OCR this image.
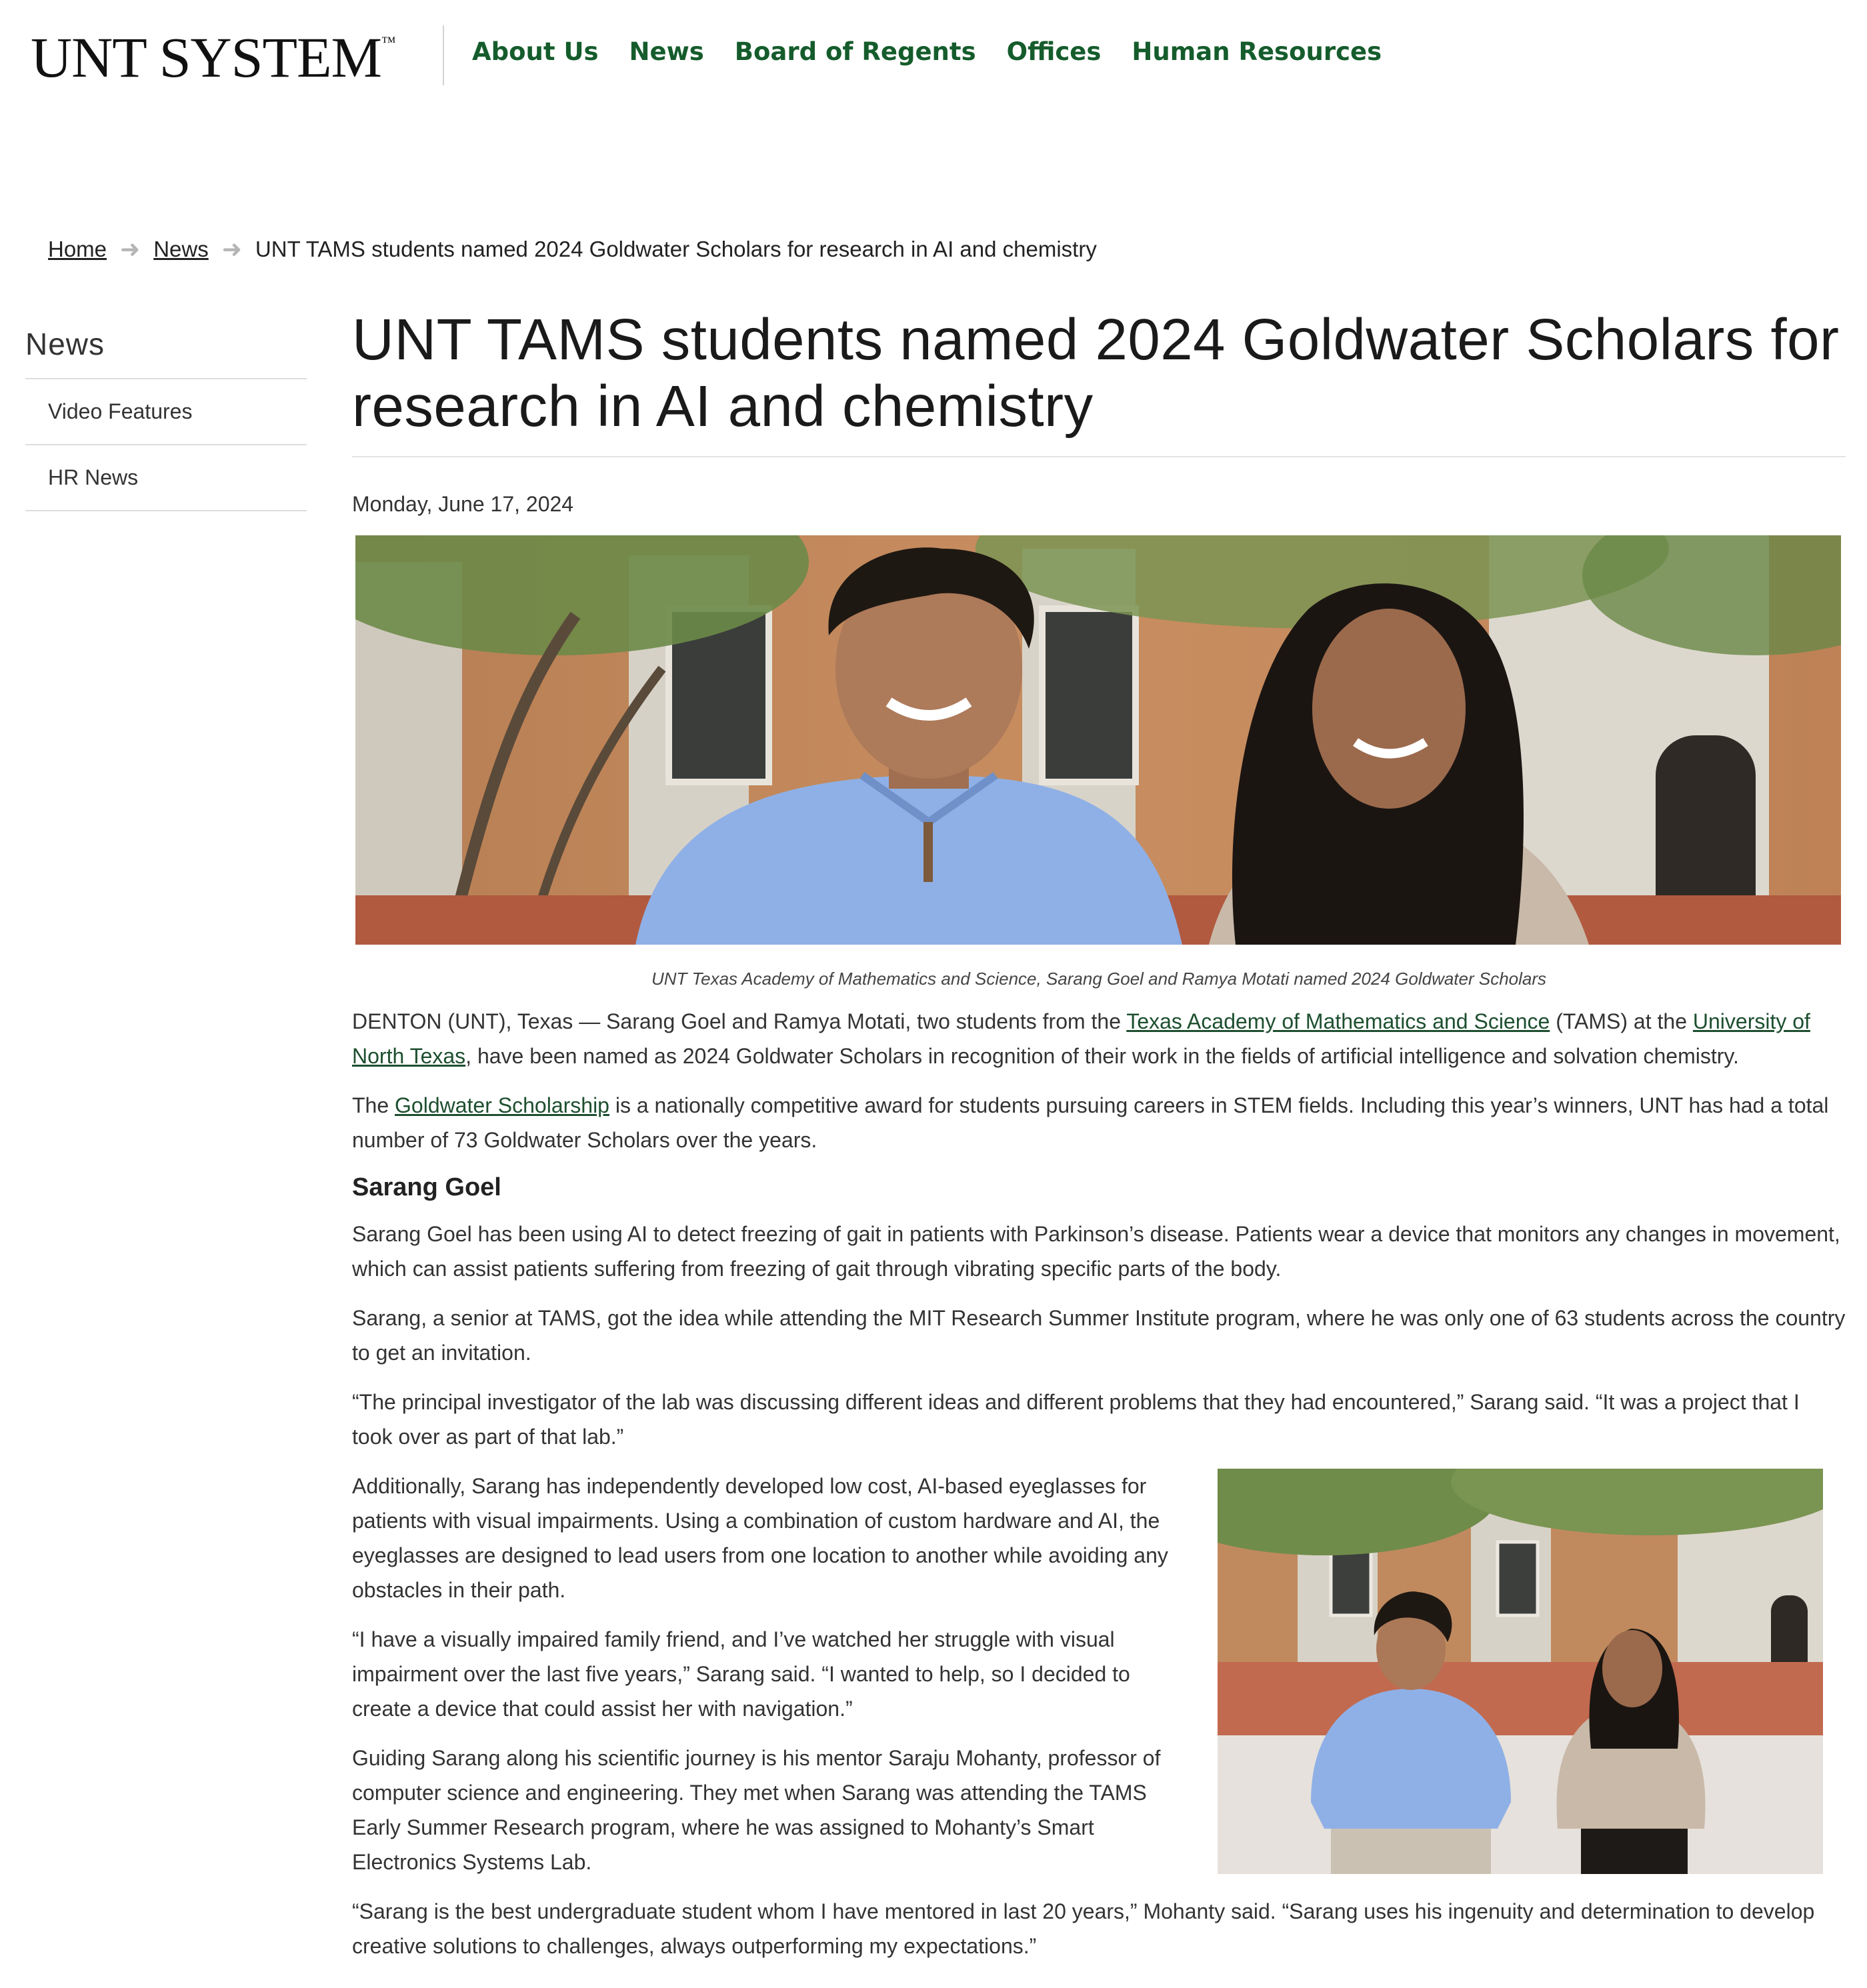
UNT SYSTEM™	About Us News Board of Regents Offices Human Resources
Home ➜ News ➜ UNT TAMS students named 2024 Goldwater Scholars for research in AI and chemistry
News
Video Features
HR News
UNT TAMS students named 2024 Goldwater Scholars for research in AI and chemistry
Monday, June 17, 2024
UNT Texas Academy of Mathematics and Science, Sarang Goel and Ramya Motati named 2024 Goldwater Scholars

DENTON (UNT), Texas — Sarang Goel and Ramya Motati, two students from the Texas Academy of Mathematics and Science (TAMS) at the University of North Texas, have been named as 2024 Goldwater Scholars in recognition of their work in the fields of artificial intelligence and solvation chemistry.

The Goldwater Scholarship is a nationally competitive award for students pursuing careers in STEM fields. Including this year’s winners, UNT has had a total number of 73 Goldwater Scholars over the years.

Sarang Goel

Sarang Goel has been using AI to detect freezing of gait in patients with Parkinson’s disease. Patients wear a device that monitors any changes in movement, which can assist patients suffering from freezing of gait through vibrating specific parts of the body.

Sarang, a senior at TAMS, got the idea while attending the MIT Research Summer Institute program, where he was only one of 63 students across the country to get an invitation.

“The principal investigator of the lab was discussing different ideas and different problems that they had encountered,” Sarang said. “It was a project that I took over as part of that lab.”

Additionally, Sarang has independently developed low cost, AI-based eyeglasses for patients with visual impairments. Using a combination of custom hardware and AI, the eyeglasses are designed to lead users from one location to another while avoiding any obstacles in their path.

“I have a visually impaired family friend, and I’ve watched her struggle with visual impairment over the last five years,” Sarang said. “I wanted to help, so I decided to create a device that could assist her with navigation.”

Guiding Sarang along his scientific journey is his mentor Saraju Mohanty, professor of computer science and engineering. They met when Sarang was attending the TAMS Early Summer Research program, where he was assigned to Mohanty’s Smart Electronics Systems Lab.

“Sarang is the best undergraduate student whom I have mentored in last 20 years,” Mohanty said. “Sarang uses his ingenuity and determination to develop creative solutions to challenges, always outperforming my expectations.”
